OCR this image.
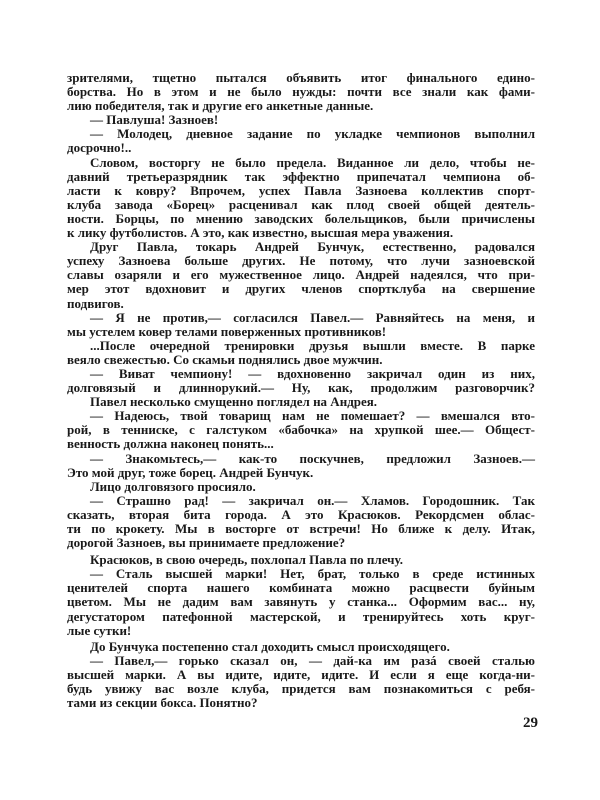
зрителями, тщетно пытался объявить итог финального едино-
борства. Но в этом и не было нужды: почти все знали как фами-
лию победителя, так и другие его анкетные данные.
— Павлуша! Зазноев!
— Молодец, дневное задание по укладке чемпионов выполнил
досрочно!..
Словом, восторгу не было предела. Виданное ли дело, чтобы не-
давний третьеразрядник так эффектно припечатал чемпиона об-
ласти к ковру? Впрочем, успех Павла Зазноева коллектив спорт-
клуба завода «Борец» расценивал как плод своей общей деятель-
ности. Борцы, по мнению заводских болельщиков, были причислены
к лику футболистов. А это, как известно, высшая мера уважения.
Друг Павла, токарь Андрей Бунчук, естественно, радовался
успеху Зазноева больше других. Не потому, что лучи зазноевской
славы озаряли и его мужественное лицо. Андрей надеялся, что при-
мер этот вдохновит и других членов спортклуба на свершение
подвигов.
— Я не против,— согласился Павел.— Равняйтесь на меня, и
мы устелем ковер телами поверженных противников!
...После очередной тренировки друзья вышли вместе. В парке
веяло свежестью. Со скамьи поднялись двое мужчин.
— Виват чемпиону! — вдохновенно закричал один из них,
долговязый и длиннорукий.— Ну, как, продолжим разговорчик?
Павел несколько смущенно поглядел на Андрея.
— Надеюсь, твой товарищ нам не помешает? — вмешался вто-
рой, в тенниске, с галстуком «бабочка» на хрупкой шее.— Общест-
венность должна наконец понять...
— Знакомьтесь,— как-то поскучнев, предложил Зазноев.—
Это мой друг, тоже борец. Андрей Бунчук.
Лицо долговязого просияло.
— Страшно рад! — закричал он.— Хламов. Городошник. Так
сказать, вторая бита города. А это Красюков. Рекордсмен облас-
ти по крокету. Мы в восторге от встречи! Но ближе к делу. Итак,
дорогой Зазноев, вы принимаете предложение?
Красюков, в свою очередь, похлопал Павла по плечу.
— Сталь высшей марки! Нет, брат, только в среде истинных
ценителей спорта нашего комбината можно расцвести буйным
цветом. Мы не дадим вам завянуть у станка... Оформим вас... ну,
дегустатором патефонной мастерской, и тренируйтесь хоть круг-
лые сутки!
До Бунчука постепенно стал доходить смысл происходящего.
— Павел,— горько сказал он, — дай-ка им разá своей сталью
высшей марки. А вы идите, идите, идите. И если я еще когда-ни-
будь увижу вас возле клуба, придется вам познакомиться с ребя-
тами из секции бокса. Понятно?
29
